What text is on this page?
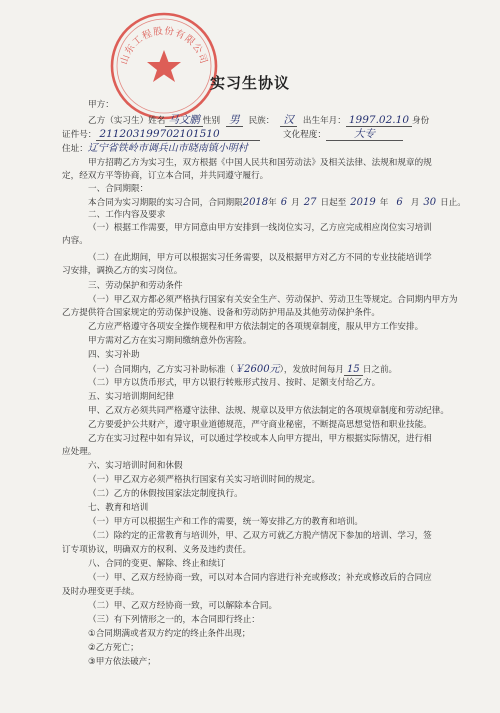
山东工程股份有限公司
实习生协议
甲方：
乙方（实习生）姓名 马文鹏 性别 男 民族： 汉 出生年月： 1997.02.10 身份
证件号： 211203199702101510	文化程度：	大专
住址：辽宁省铁岭市调兵山市晓南镇小明村
甲方招聘乙方为实习生，双方根据《中国人民共和国劳动法》及相关法律、法规和规章的规
定，经双方平等协商，订立本合同，并共同遵守履行。
一、合同期限：
本合同为实习期限的实习合同，合同期限2018年 6 月 27 日起至 2019 年 6 月 30 日止。
二、工作内容及要求
（一）根据工作需要，甲方同意由甲方安排到一线岗位实习，乙方应完成相应岗位实习培训
内容。
（二）在此期间，甲方可以根据实习任务需要，以及根据甲方对乙方不同的专业技能培训学
习安排，调换乙方的实习岗位。
三、劳动保护和劳动条件
（一）甲乙双方都必须严格执行国家有关安全生产、劳动保护、劳动卫生等规定。合同期内甲方为
乙方提供符合国家规定的劳动保护设施、设备和劳动防护用品及其他劳动保护条件。
乙方应严格遵守各项安全操作规程和甲方依法制定的各项规章制度，服从甲方工作安排。
甲方需对乙方在实习期间缴纳意外伤害险。
四、实习补助
（一）合同期内，乙方实习补助标准（￥2600元），发放时间每月 15 日之前。
（二）甲方以货币形式，甲方以银行转账形式按月、按时、足额支付给乙方。
五、实习培训期间纪律
甲、乙双方必须共同严格遵守法律、法规、规章以及甲方依法制定的各项规章制度和劳动纪律。
乙方要爱护公共财产，遵守职业道德规范，严守商业秘密，不断提高思想觉悟和职业技能。
乙方在实习过程中如有异议，可以通过学校或本人向甲方提出，甲方根据实际情况，进行相
应处理。
六、实习培训时间和休假
（一）甲乙双方必须严格执行国家有关实习培训时间的规定。
（二）乙方的休假按国家法定制度执行。
七、教育和培训
（一）甲方可以根据生产和工作的需要，统一筹安排乙方的教育和培训。
（二）除约定的正常教育与培训外，甲、乙双方可就乙方脱产情况下参加的培训、学习，签
订专项协议，明确双方的权利、义务及违约责任。
八、合同的变更、解除、终止和续订
（一）甲、乙双方经协商一致，可以对本合同内容进行补充或修改；补充或修改后的合同应
及时办理变更手续。
（二）甲、乙双方经协商一致，可以解除本合同。
（三）有下列情形之一的，本合同即行终止：
①合同期满或者双方约定的终止条件出现；
②乙方死亡；
③甲方依法破产；
